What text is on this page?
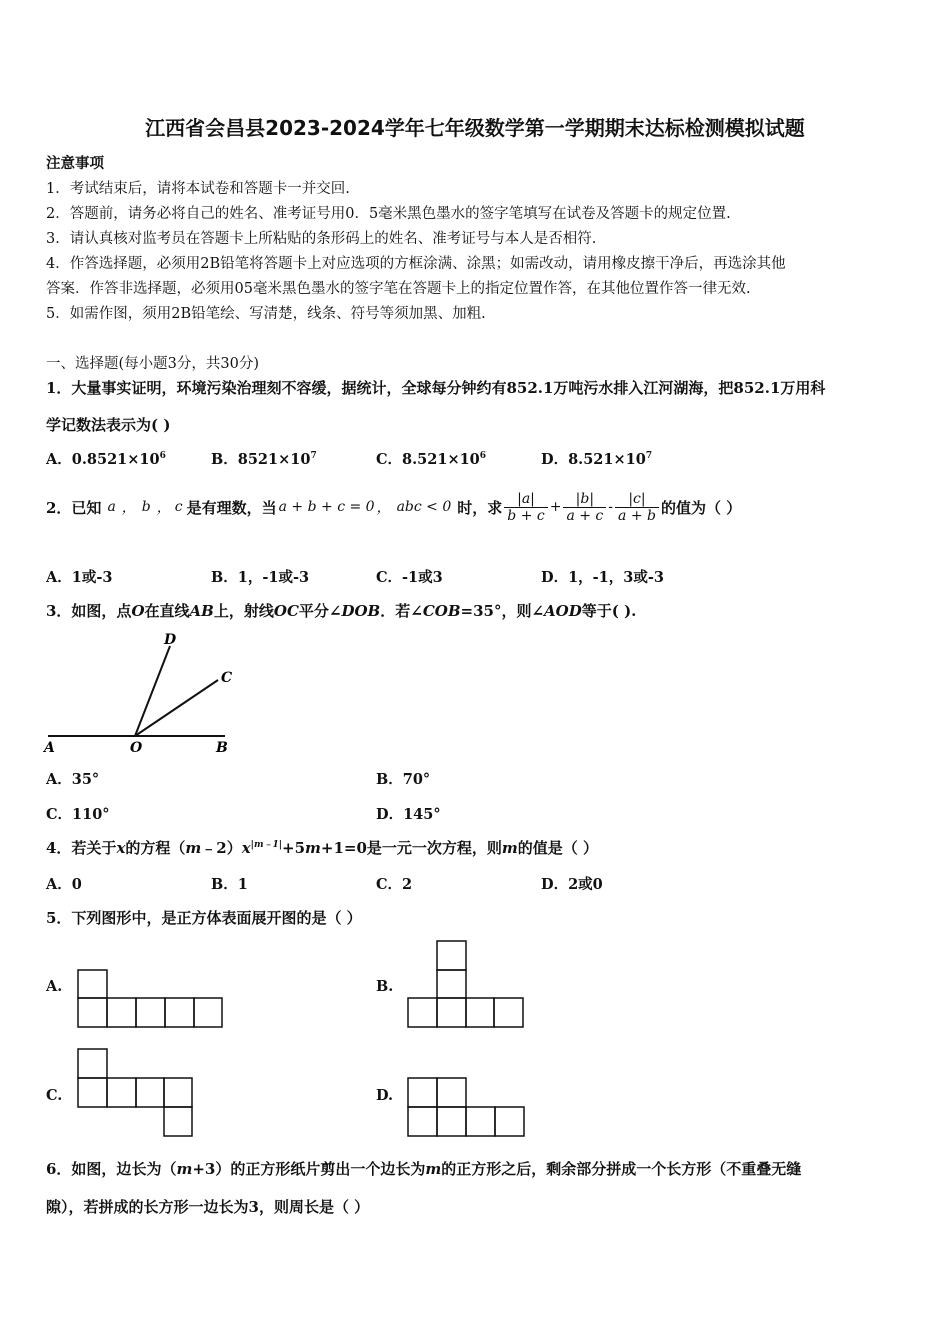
江西省会昌县2023-2024学年七年级数学第一学期期末达标检测模拟试题
注意事项
1．考试结束后，请将本试卷和答题卡一并交回.
2．答题前，请务必将自己的姓名、准考证号用0．5毫米黑色墨水的签字笔填写在试卷及答题卡的规定位置.
3．请认真核对监考员在答题卡上所粘贴的条形码上的姓名、准考证号与本人是否相符.
4．作答选择题，必须用2B铅笔将答题卡上对应选项的方框涂满、涂黑；如需改动，请用橡皮擦干净后，再选涂其他
答案．作答非选择题，必须用05毫米黑色墨水的签字笔在答题卡上的指定位置作答，在其他位置作答一律无效.
5．如需作图，须用2B铅笔绘、写清楚，线条、符号等须加黑、加粗.
一、选择题(每小题3分，共30分)
1．大量事实证明，环境污染治理刻不容缓，据统计，全球每分钟约有852.1万吨污水排入江河湖海，把852.1万用科
学记数法表示为( )
A．$0.8521\times 10^6$	B．$8521\times 10^7$	C．$8.521\times 10^6$	D．$8.521\times 10^7$
2．已知 a ， b ， c 是有理数，当 a + b + c = 0 ， abc < 0 时，求 $\frac{|a|}{b + c} + \frac{|b|}{a + c} - \frac{|c|}{a + b}$ 的值为（ ）
A．1或-3	B．1，-1或-3	C．-1或3	D．1，-1，3或-3
3．如图，点O在直线AB上，射线OC平分∠DOB．若∠COB=35°，则∠AOD等于( ).
A	O	B
C
D
A．35°	B．70°
C．110°	D．145°
4．若关于x的方程$(m﹣2)x^{|m﹣1|}+5m+1=0$是一元一次方程，则m的值是（ ）
A．0	B．1	C．2	D．2或0
5．下列图形中，是正方体表面展开图的是（ ）
A.	B.
C.	D.
6．如图，边长为（m+3）的正方形纸片剪出一个边长为m的正方形之后，剩余部分拼成一个长方形（不重叠无缝
隙），若拼成的长方形一边长为3，则周长是（ ）
